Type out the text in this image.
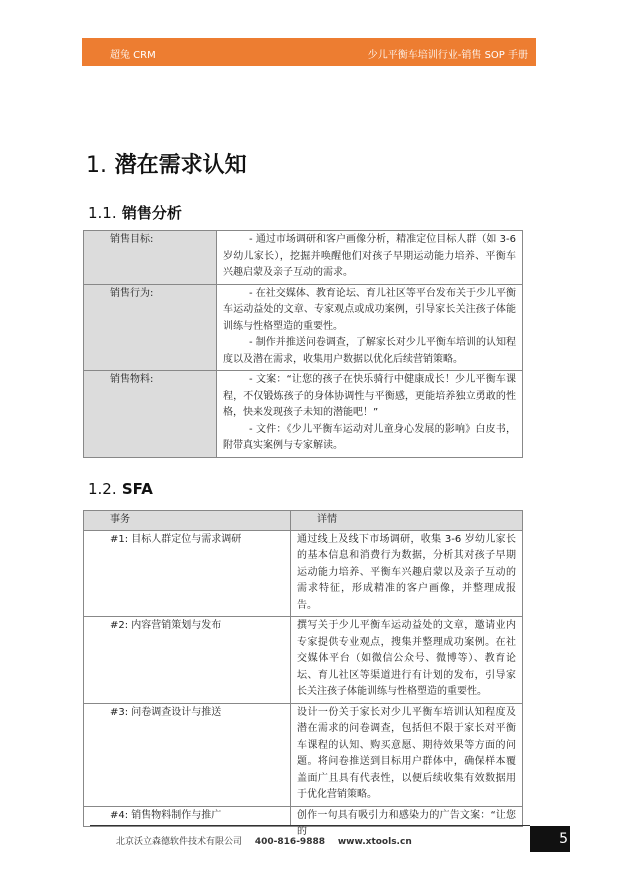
超兔 CRM	少儿平衡车培训行业-销售 SOP 手册
1. 潜在需求认知
1.1. 销售分析
销售目标:	- 通过市场调研和客户画像分析，精准定位目标人群（如 3-6 岁幼儿家长），挖掘并唤醒他们对孩子早期运动能力培养、平衡车兴趣启蒙及亲子互动的需求。

销售行为:	- 在社交媒体、教育论坛、育儿社区等平台发布关于少儿平衡车运动益处的文章、专家观点或成功案例，引导家长关注孩子体能训练与性格塑造的重要性。
- 制作并推送问卷调查，了解家长对少儿平衡车培训的认知程度以及潜在需求，收集用户数据以优化后续营销策略。

销售物料:	- 文案：“让您的孩子在快乐骑行中健康成长！少儿平衡车课程，不仅锻炼孩子的身体协调性与平衡感，更能培养独立勇敢的性格，快来发现孩子未知的潜能吧！”
- 文件：《少儿平衡车运动对儿童身心发展的影响》白皮书，附带真实案例与专家解读。
1.2. SFA
事务	详情
#1: 目标人群定位与需求调研	通过线上及线下市场调研，收集 3-6 岁幼儿家长的基本信息和消费行为数据，分析其对孩子早期运动能力培养、平衡车兴趣启蒙以及亲子互动的需求特征，形成精准的客户画像，并整理成报告。
#2: 内容营销策划与发布	撰写关于少儿平衡车运动益处的文章，邀请业内专家提供专业观点，搜集并整理成功案例。在社交媒体平台（如微信公众号、微博等）、教育论坛、育儿社区等渠道进行有计划的发布，引导家长关注孩子体能训练与性格塑造的重要性。
#3: 问卷调查设计与推送	设计一份关于家长对少儿平衡车培训认知程度及潜在需求的问卷调查，包括但不限于家长对平衡车课程的认知、购买意愿、期待效果等方面的问题。将问卷推送到目标用户群体中，确保样本覆盖面广且具有代表性，以便后续收集有效数据用于优化营销策略。

#4: 销售物料制作与推广	创作一句具有吸引力和感染力的广告文案：“让您的
北京沃立森德软件技术有限公司 400-816-9888 www.xtools.cn	5
